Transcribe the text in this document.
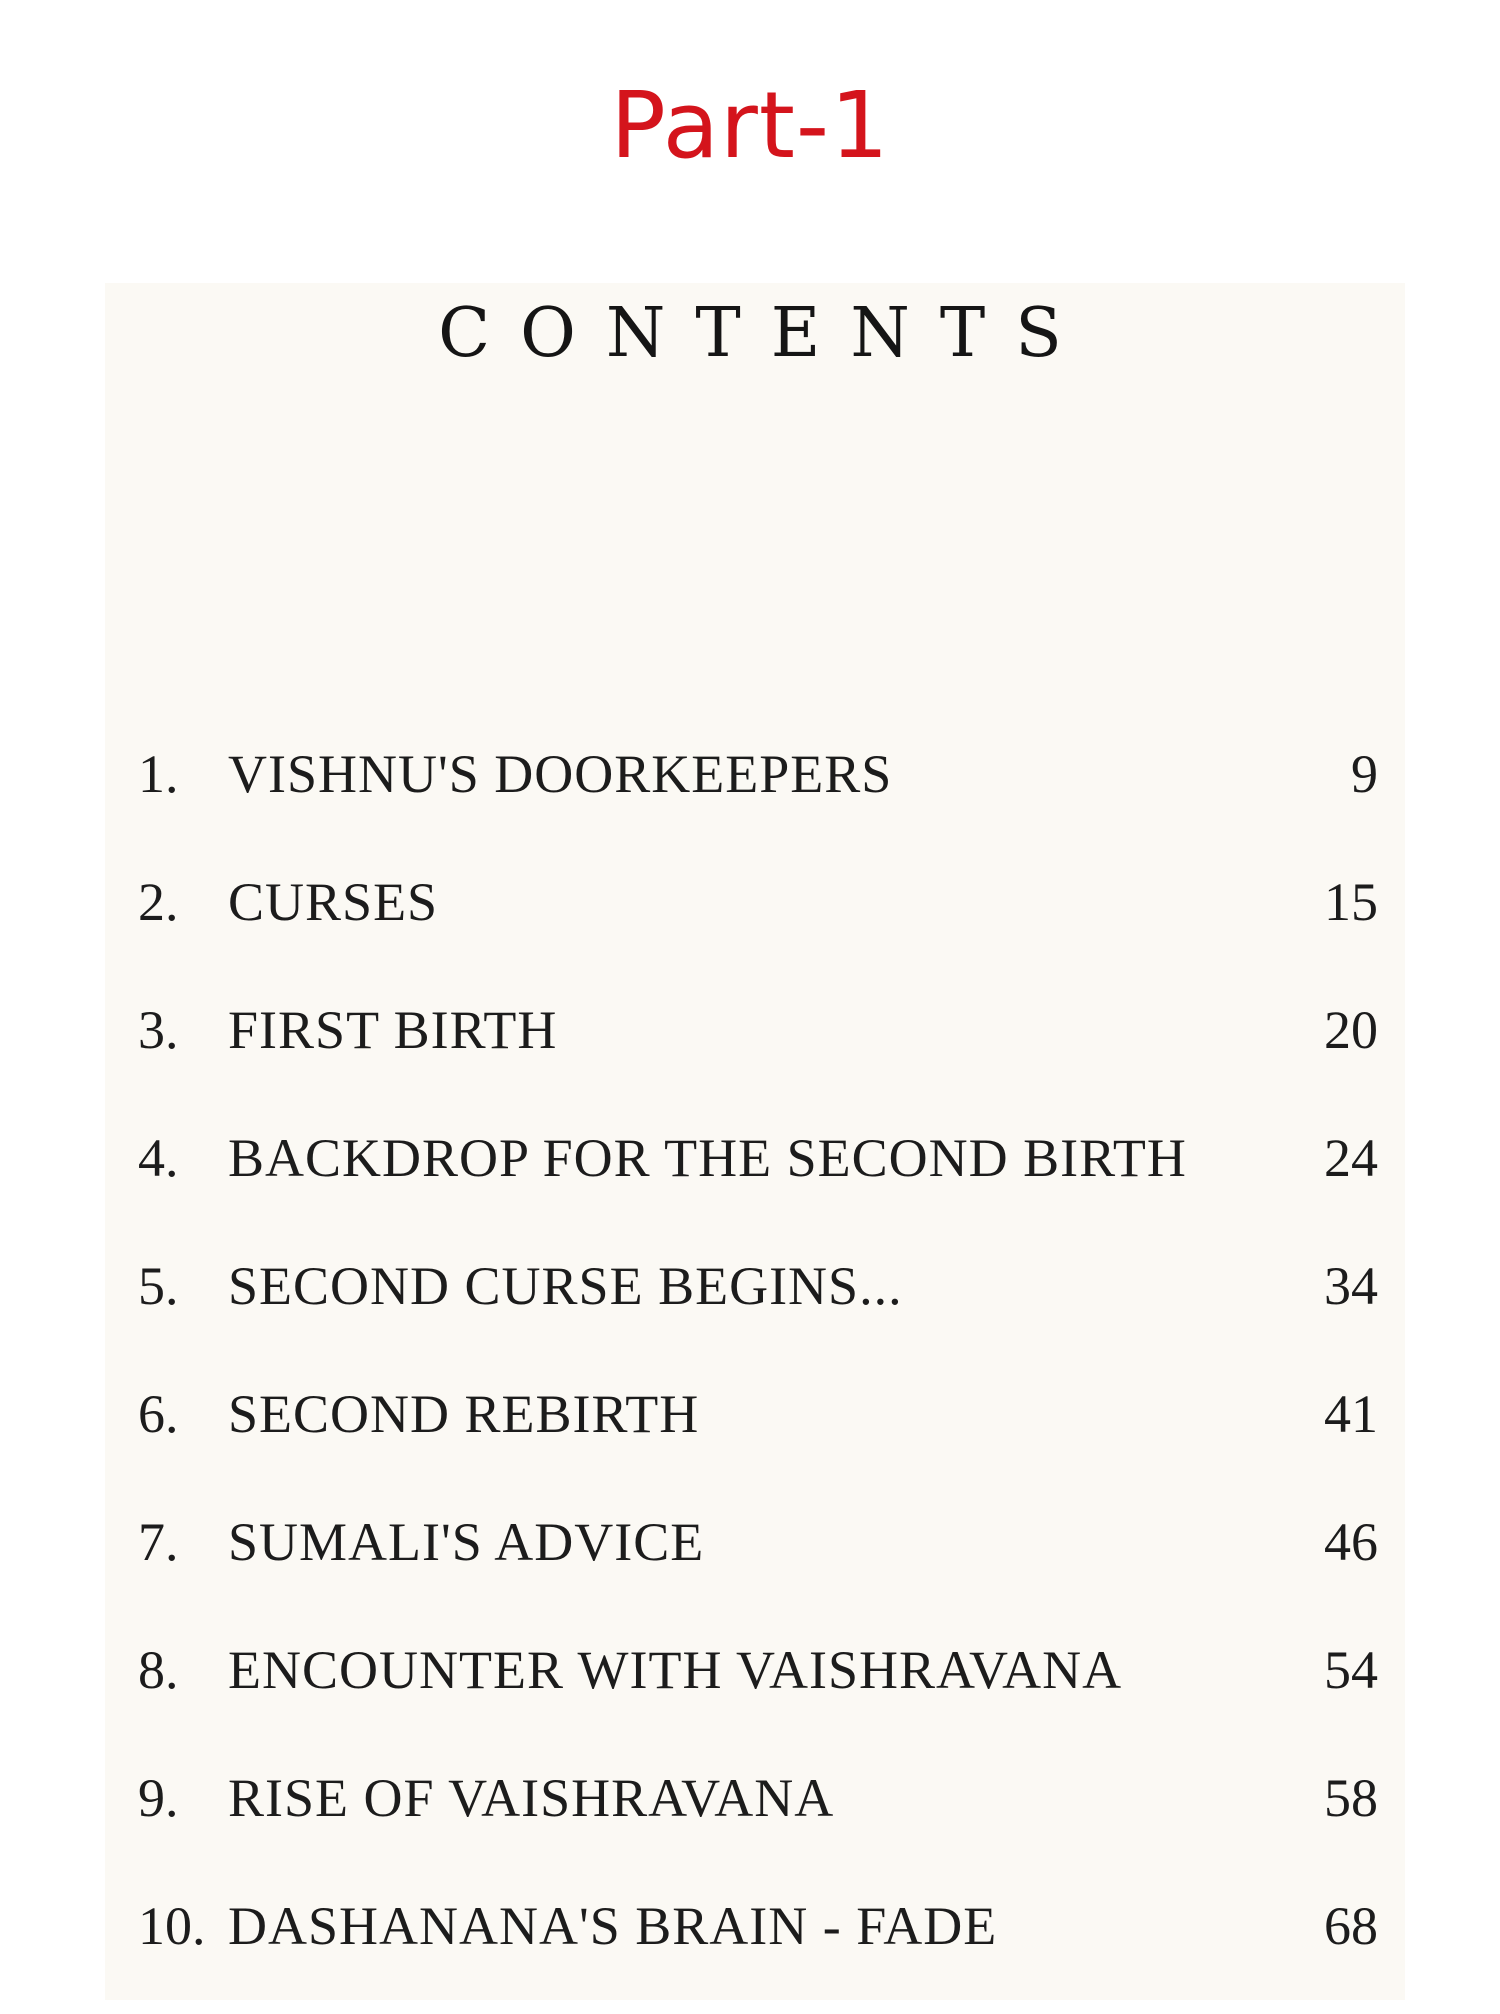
Part-1
CONTENTS
1. VISHNU'S DOORKEEPERS	9
2. CURSES	15
3. FIRST BIRTH	20
4. BACKDROP FOR THE SECOND BIRTH	24
5. SECOND CURSE BEGINS...	34
6. SECOND REBIRTH	41
7. SUMALI'S ADVICE	46
8. ENCOUNTER WITH VAISHRAVANA	54
9. RISE OF VAISHRAVANA	58
10. DASHANANA'S BRAIN - FADE	68
